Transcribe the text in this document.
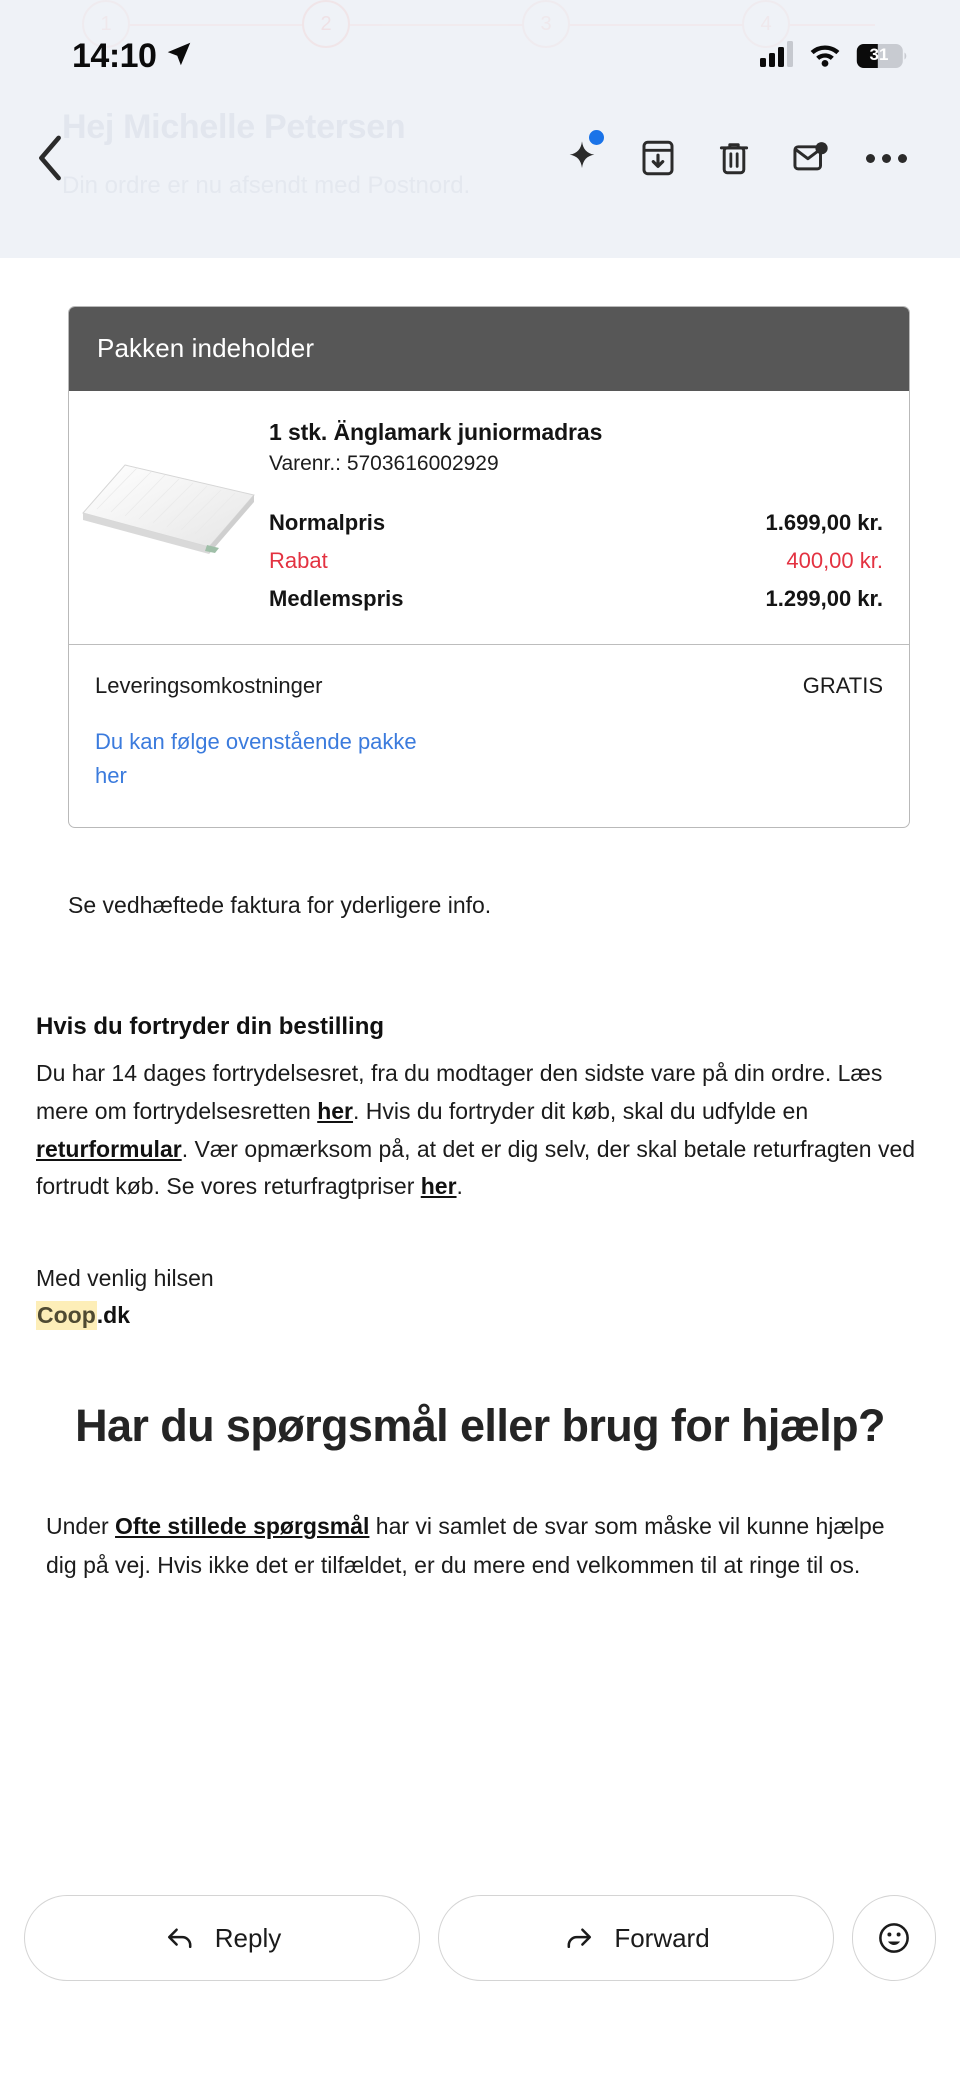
1	2	3	4
Hej Michelle Petersen
Din ordre er nu afsendt med Postnord.
14:10	31
Pakken indeholder
1 stk. Änglamark juniormadras
Varenr.: 5703616002929
Normalpris	1.699,00 kr.
Rabat	400,00 kr.
Medlemspris	1.299,00 kr.
Leveringsomkostninger	GRATIS
Du kan følge ovenstående pakke her
Se vedhæftede faktura for yderligere info.
Hvis du fortryder din bestilling
Du har 14 dages fortrydelsesret, fra du modtager den sidste vare på din ordre. Læs mere om fortrydelsesretten her. Hvis du fortryder dit køb, skal du udfylde en returformular. Vær opmærksom på, at det er dig selv, der skal betale returfragten ved fortrudt køb. Se vores returfragtpriser her.
Med venlig hilsen
Coop.dk
Har du spørgsmål eller brug for hjælp?
Under Ofte stillede spørgsmål har vi samlet de svar som måske vil kunne hjælpe dig på vej. Hvis ikke det er tilfældet, er du mere end velkommen til at ringe til os.
Reply	Forward
